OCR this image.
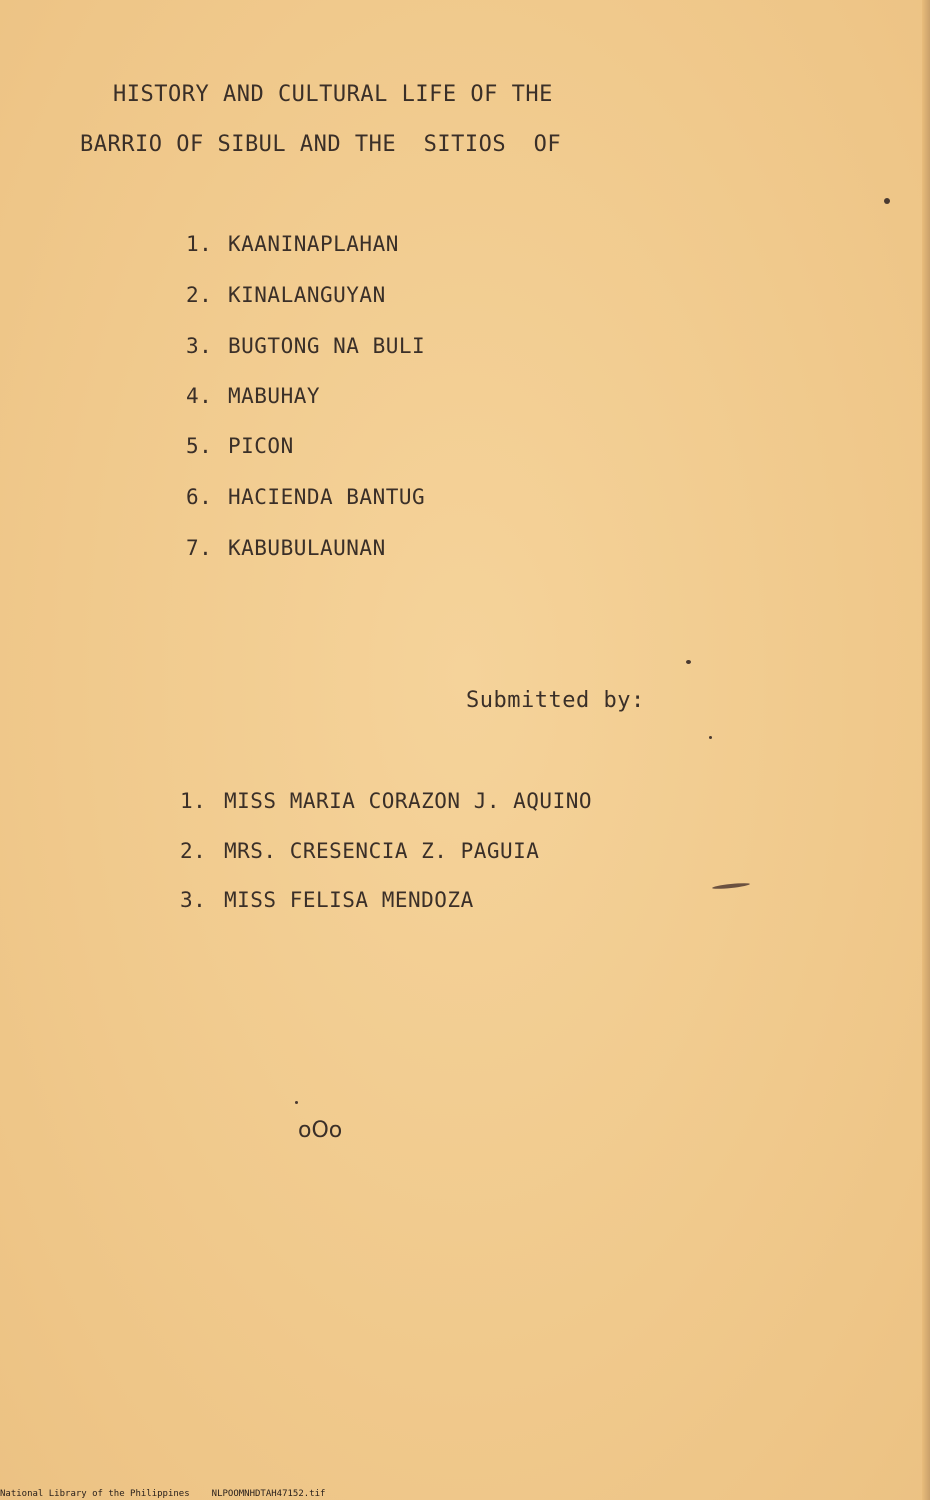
HISTORY AND CULTURAL LIFE OF THE
BARRIO OF SIBUL AND THE  SITIOS  OF
1. KAANINAPLAHAN
2. KINALANGUYAN
3. BUGTONG NA BULI
4. MABUHAY
5. PICON
6. HACIENDA BANTUG
7. KABUBULAUNAN
Submitted by:
1. MISS MARIA CORAZON J. AQUINO
2. MRS. CRESENCIA Z. PAGUIA
3. MISS FELISA MENDOZA
oOo
National Library of the Philippines NLPOOMNHDTAH47152.tif
